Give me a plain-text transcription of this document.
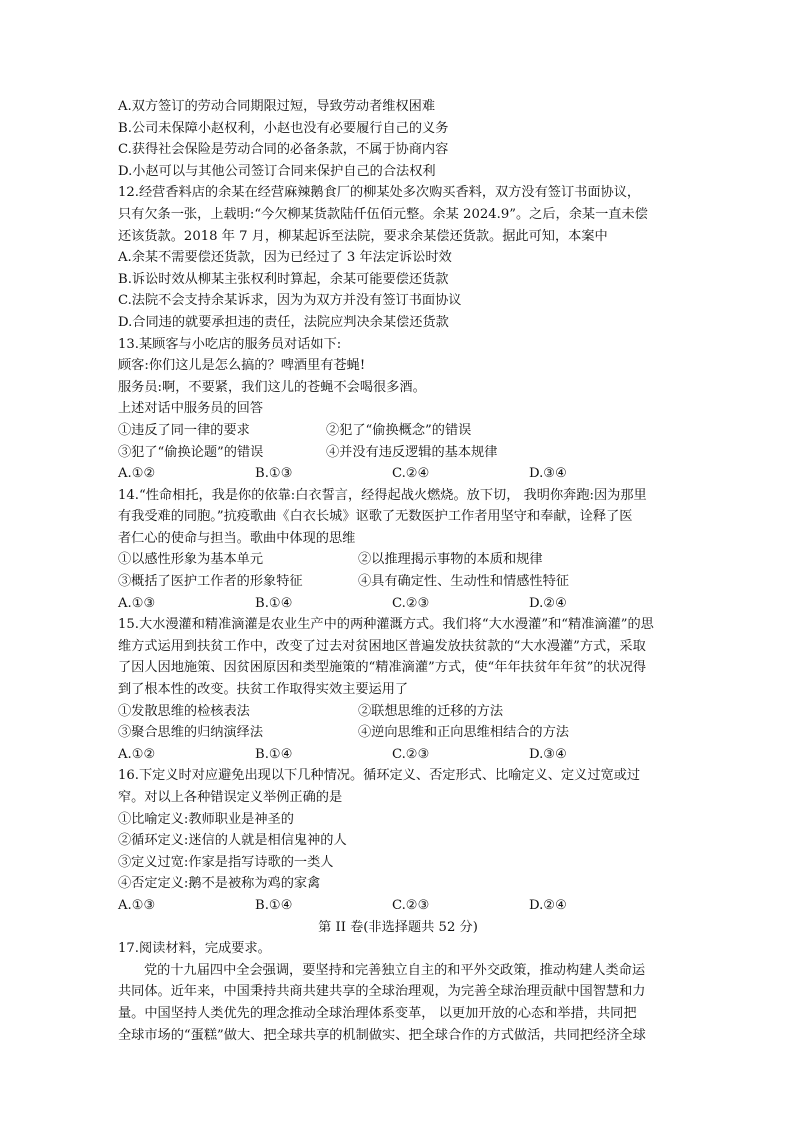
A.双方签订的劳动合同期限过短，导致劳动者维权困难
B.公司未保障小赵权利，小赵也没有必要履行自己的义务
C.获得社会保险是劳动合同的必备条款，不属于协商内容
D.小赵可以与其他公司签订合同来保护自己的合法权利
12.经营香料店的余某在经营麻辣鹅食厂的柳某处多次购买香料，双方没有签订书面协议，
只有欠条一张，上载明:“今欠柳某货款陆仟伍佰元整。余某 2024.9”。之后，余某一直未偿
还该货款。2018 年 7 月，柳某起诉至法院，要求余某偿还货款。据此可知，本案中
A.余某不需要偿还货款，因为已经过了 3 年法定诉讼时效
B.诉讼时效从柳某主张权利时算起，余某可能要偿还货款
C.法院不会支持余某诉求，因为为双方并没有签订书面协议
D.合同违的就要承担违的责任，法院应判决余某偿还货款
13.某顾客与小吃店的服务员对话如下:
顾客:你们这儿是怎么搞的？啤酒里有苍蝇!
服务员:啊，不要紧，我们这儿的苍蝇不会喝很多酒。
上述对话中服务员的回答
①违反了同一律的要求	②犯了“偷换概念”的错误
③犯了“偷换论题”的错误	④并没有违反逻辑的基本规律
A.①②	B.①③	C.②④	D.③④
14.“性命相托，我是你的依靠:白衣誓言，经得起战火燃烧。放下切， 我明你奔跑:因为那里
有我受难的同胞。”抗疫歌曲《白衣长城》讴歌了无数医护工作者用坚守和奉献，诠释了医
者仁心的使命与担当。歌曲中体现的思维
①以感性形象为基本单元	②以推理揭示事物的本质和规律
③概括了医护工作者的形象特征	④具有确定性、生动性和情感性特征
A.①③	B.①④	C.②③	D.②④
15.大水漫灌和精准滴灌是农业生产中的两种灌溉方式。我们将“大水漫灌”和“精准滴灌”的思
维方式运用到扶贫工作中，改变了过去对贫困地区普遍发放扶贫款的“大水漫灌”方式，采取
了因人因地施策、因贫困原因和类型施策的“精准滴灌”方式，使“年年扶贫年年贫”的状况得
到了根本性的改变。扶贫工作取得实效主要运用了
①发散思维的检核表法	②联想思维的迁移的方法
③聚合思维的归纳演绎法	④逆向思维和正向思维相结合的方法
A.①②	B.①④	C.②③	D.③④
16.下定义时对应避免出现以下几种情况。循环定义、否定形式、比喻定义、定义过宽或过
窄。对以上各种错误定义举例正确的是
①比喻定义:教师职业是神圣的
②循环定义:迷信的人就是相信鬼神的人
③定义过宽:作家是指写诗歌的一类人
④否定定义:鹅不是被称为鸡的家禽
A.①③	B.①④	C.②③	D.②④
第 II 卷(非选择题共 52 分)
17.阅读材料，完成要求。
党的十九届四中全会强调，要坚持和完善独立自主的和平外交政策，推动构建人类命运
共同体。近年来，中国秉持共商共建共享的全球治理观，为完善全球治理贡献中国智慧和力
量。中国坚持人类优先的理念推动全球治理体系变革， 以更加开放的心态和举措，共同把
全球市场的“蛋糕”做大、把全球共享的机制做实、把全球合作的方式做活，共同把经济全球
